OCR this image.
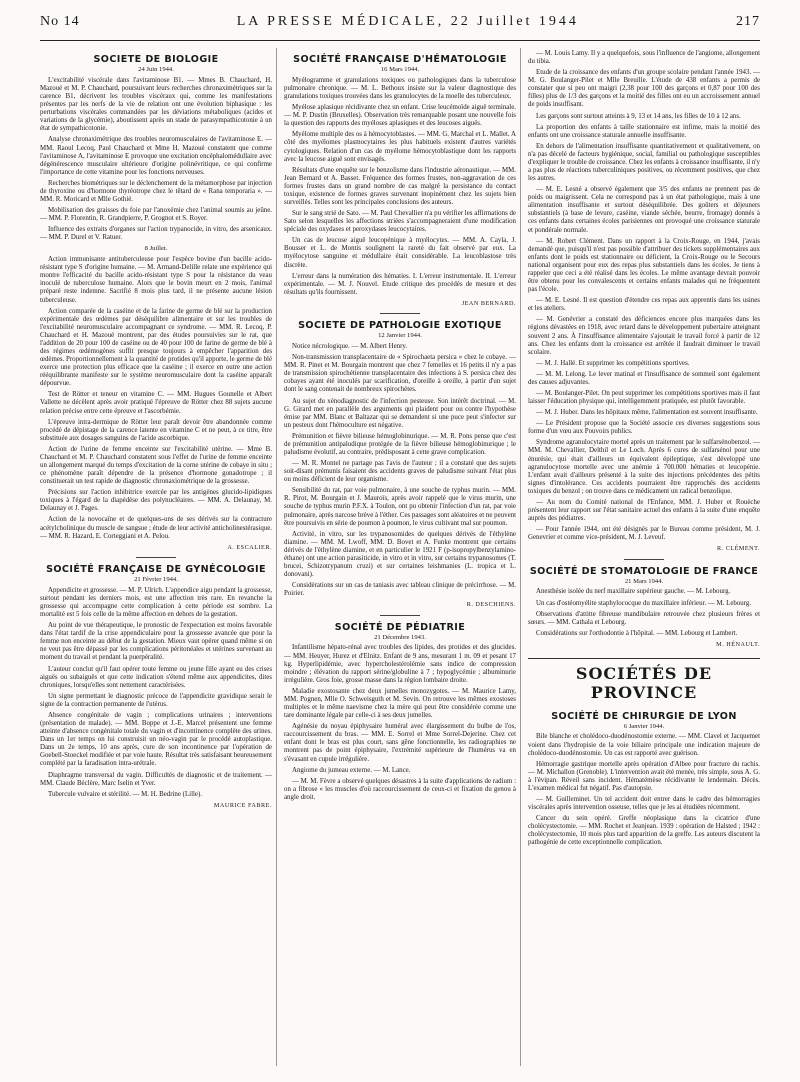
No 14	LA PRESSE MÉDICALE, 22 Juillet 1944	217
SOCIETE DE BIOLOGIE
24 Juin 1944.

L'excitabilité viscérale dans l'avitaminose B1. — Mmes B. Chauchard, H. Mazoué et M. P. Chauchard, poursuivant leurs recherches chronaximétriques sur la carence B1, décrivent les troubles viscéraux qui, comme les manifestations présentes par les nerfs de la vie de relation ont une évolution biphasique : les perturbations viscérales commandées par les déviations métaboliques (acides et variations de la glycémie), aboutissent après un stade de parasympathicotonie à un état de sympathicotonie.

Analyse chronaximétrique des troubles neuromusculaires de l'avitaminose E. — MM. Raoul Lecoq, Paul Chauchard et Mme H. Mazoué constatent que comme l'avitaminose A, l'avitaminose E provoque une excitation encéphalomédullaire avec dégénérescence musculaire ultérieure d'origine polinévritique, ce qui confirme l'importance de cette vitamine pour les fonctions nerveuses.

Recherches biométriques sur le déclenchement de la métamorphose par injection de thyroxine ou d'hormone thyréotrope chez le têtard de « Rana temporaria ». — MM. R. Moricard et Mlle Gothié.

Mobilisation des graisses du foie par l'anoxémie chez l'animal soumis au jeûne. — MM. P. Florentin, R. Grandpierre, P. Grognot et S. Royer.

Influence des extraits d'organes sur l'action trypanocide, in vitro, des arsenicaux. — MM. P. Durel et V. Ratuer.

8 Juillet.

Action immunisante antituberculeuse pour l'espèce bovine d'un bacille acido-résistant type S d'origine humaine. — M. Armand-Delille relate une expérience qui montre l'efficacité du bacille acido-résistant type S pour la résistance du veau inoculé de tuberculose humaine. Alors que le bovin meurt en 2 mois, l'animal préparé reste indemne. Sacrifié 8 mois plus tard, il ne présente aucune lésion tuberculeuse.

Action comparée de la caséine et de la farine de germe de blé sur la production expérimentale des œdèmes par déséquilibre alimentaire et sur les troubles de l'excitabilité neuromusculaire accompagnant ce syndrome. — MM. R. Lecoq, P. Chauchard et H. Mazoué montrent, par des études poursuivies sur le rat, que l'addition de 20 pour 100 de caséine ou de 40 pour 100 de farine de germe de blé à des régimes œdémogènes suffit presque toujours à empêcher l'apparition des œdèmes. Proportionnellement à la quantité de protides qu'il apporte, le germe de blé exerce une protection plus efficace que la caséine ; il exerce en outre une action rééquilibrante manifeste sur le système neuromusculaire dont la caséine apparaît dépourvue.

Test de Rötter et teneur en vitamine C. — MM. Hugues Gounelle et Albert Vallette ne décèlent après avoir pratiqué l'épreuve de Rötter chez 88 sujets aucune relation précise entre cette épreuve et l'ascorbémie.

L'épreuve intra-dermique de Rötter leur paraît devoir être abandonnée comme procédé de dépistage de la carence latente en vitamine C et ne peut, à ce titre, être substituée aux dosages sanguins de l'acide ascorbique.

Action de l'urine de femme enceinte sur l'excitabilité utérine. — Mme B. Chauchard et M. P. Chauchard constatent sous l'effet de l'urine de femme enceinte un allongement marqué du temps d'excitation de la corne utérine de cobaye in situ ; ce phénomène paraît dépendre de la présence d'hormone gonadotrope ; il constituerait un test rapide de diagnostic chronaxiométrique de la grossesse.

Précisions sur l'action inhibitrice exercée par les antigènes glucido-lipidiques toxiques à l'égard de la diapédèse des polynucléaires. — MM. A. Delaunay, M. Delaunay et J. Pages.

Action de la novocaïne et de quelques-uns de ses dérivés sur la contracture acétylcholinique du muscle de sangsue ; étude de leur activité anticholinestérasique. — MM. R. Hazard, E. Corteggiani et A. Pelou.

A. ESCALIER.
SOCIÉTÉ FRANÇAISE DE GYNÉCOLOGIE
21 Février 1944.

Appendicite et grossesse. — M. P. Ulrich. L'appendice aigu pendant la grossesse, surtout pendant les derniers mois, est une affection très rare. En revanche la grossesse qui accompagne cette complication à cette période est sombre. La mortalité est 5 fois celle de la même affection en dehors de la gestation.

Au point de vue thérapeutique, le pronostic de l'expectation est moins favorable dans l'état tardif de la crise appendiculaire pour la grossesse avancée que pour la femme non enceinte au début de la gestation. Mieux vaut opérer quand même si on ne veut pas être dépassé par les complications péritonéales et utérines survenant au moment du travail et pendant la puerpéralité.

L'auteur conclut qu'il faut opérer toute femme ou jeune fille ayant eu des crises aiguës ou subaiguës et que cette indication s'étend même aux appendicites, dites chroniques, lorsqu'elles sont nettement caractérisées.

Un signe permettant le diagnostic précoce de l'appendicite gravidique serait le signe de la contraction permanente de l'utérus.

Absence congénitale de vagin ; complications urinaires ; interventions (présentation de malade). — MM. Boppe et J.-E. Marcel présentent une femme atteinte d'absence congénitale totale du vagin et d'incontinence complète des urines. Dans un 1er temps on lui construisit un néo-vagin par le procédé autoplastique. Dans un 2e temps, 10 ans après, cure de son incontinence par l'opération de Goebell-Stoeckel modifiée et par voie haute. Résultat très satisfaisant heureusement complété par la faradisation intra-urétrale.

Diaphragme transversal du vagin. Difficultés de diagnostic et de traitement. — MM. Claude Béclère, Marc Iselin et Yver.

Tubercule vulvaire et stérilité. — M. H. Bedrine (Lille).

MAURICE FABRE.
SOCIÉTÉ FRANÇAISE D'HÉMATOLOGIE
16 Mars 1944.

Myélogramme et granulations toxiques ou pathologiques dans la tuberculose pulmonaire chronique. — M. L. Bethoux insiste sur la valeur diagnostique des granulations toxiques trouvées dans les granulocytes de la moelle des tuberculeux.

Myélose aplasique récidivante chez un enfant. Crise leucémoïde aiguë terminale. — M. P. Dustin (Bruxelles). Observation très remarquable posant une nouvelle fois la question des rapports des myéloses aplasiques et des leucoses aiguës.

Myélome multiple des os à hémocytoblastes. — MM. G. Marchal et L. Mallet. A côté des myélomes plasmocytaires les plus habituels existent d'autres variétés cytologiques. Relation d'un cas de myélome hémocytoblastique dont les rapports avec la leucose aiguë sont envisagés.

Résultats d'une enquête sur le benzolisme dans l'industrie aéronautique. — MM. Jean Bernard et A. Basset. Fréquence des formes frustes, non-aggravation de ces formes frustes dans un grand nombre de cas malgré la persistance du contact toxique, existence de formes graves survenant inopinément chez les sujets bien surveillés. Telles sont les principales conclusions des auteurs.

Sur le sang strié de Sato. — M. Paul Chevallier n'a pu vérifier les affirmations de Sato selon lesquelles les affections striées s'accompagneraient d'une modification spéciale des oxydases et peroxydases leucocytaires.

Un cas de leucose aiguë leucopénique à myélocytes. — MM. A. Cayla, J. Bousser et L. de Montis soulignent la rareté du fait observé par eux. La myélocytose sanguine et médullaire était considérable. La leucoblastose très discrète.

L'erreur dans la numération des hématies. I. L'erreur instrumentale. II. L'erreur expérimentale. — M. J. Nouvel. Etude critique des procédés de mesure et des résultats qu'ils fournissent.

JEAN BERNARD.
SOCIETE DE PATHOLOGIE EXOTIQUE
12 Janvier 1944.

Notice nécrologique. — M. Albert Henry.

Non-transmission transplacentaire de « Spirochaeta persica » chez le cobaye. — MM. R. Pinet et M. Bourgain montrent que chez 7 femelles et 16 petits il n'y a pas de transmission spirochétienne transplacentaire des infections à S. persica chez des cobayes ayant été inoculés par scarification, d'oreille à oreille, à partir d'un sujet dont le sang contenait de nombreux spirochètes.

Au sujet du xénodiagnostic de l'infection pesteuse. Son intérêt doctrinal. — M. G. Girard met en parallèle des arguments qui plaident pour ou contre l'hypothèse émise par MM. Blanc et Baltazar qui se demandent si une puce peut s'infecter sur un pesteux dont l'hémoculture est négative.

Prémunition et fièvre bilieuse hémoglobinurique. — M. R. Pons pense que c'est de prémunition antipaludique protégée de la fièvre bilieuse hémoglobinurique ; le paludisme évolutif, au contraire, prédisposant à cette grave complication.

— M. R. Montel ne partage pas l'avis de l'auteur ; il a constaté que des sujets soit-disant prémunis faisaient des accidents graves de paludisme suivant l'état plus ou moins déficient de leur organisme.

Sensibilité du rat, par voie pulmonaire, à une souche de typhus murin. — MM. R. Pirot, M. Bourgain et J. Mauroïs, après avoir rappelé que le virus murin, une souche de typhus murin P.F.X. à Toulon, ont pu obtenir l'infection d'un rat, par voie pulmonaire, après narcose brève à l'éther. Ces passages sont aléatoires et ne peuvent être poursuivis en série de poumon à poumon, le virus cultivant mal sur poumon.

Activité, in vitro, sur les trypanosomides de quelques dérivés de l'éthylène diamine. — MM. M. Lwoff, MM. D. Bovet et A. Funke montrent que certains dérivés de l'éthylène diamine, et en particulier le 1921 F (p-isopropylbenzylamino-éthane) ont une action parasiticide, in vitro et in vitro, sur certains trypanosomes (T. brucei, Schizotrypanum cruzi) et sur certaines leishmanies (L. tropica et L. donovani).

Considérations sur un cas de taniasis avec tableau clinique de précirrhose. — M. Poirier.

R. DESCHIENS.
SOCIÉTÉ DE PÉDIATRIE
21 Décembre 1943.

Infantilisme hépato-rénal avec troubles des lipides, des protides et des glucides. — MM. Heuyer, Hurez et d'Elnitz. Enfant de 9 ans, mesurant 1 m. 09 et pesant 17 kg. Hyperlipidémie, avec hypercholestérolémie sans indice de compression moindre ; élévation du rapport sérine/globuline à 7 ; hypoglycémie ; albuminurie irrégulière. Gros foie, grosse masse dans la région lombaire droite.

Maladie exostosante chez deux jumelles monozygotes. — M. Maurice Lamy, MM. Pognen, Mlle O. Schweisguth et M. Sevin. On retrouve les mêmes exostoses multiples et le même naevisme chez la mère qui peut être considérée comme une tare dominante légale par celle-ci à ses deux jumelles.

Agénésie du noyau épiphysaire huméral avec élargissement du bulbe de l'os, raccourcissement du bras. — MM. E. Sorrel et Mme Sorrel-Dejerine. Chez cet enfant dont le bras est plus court, sans gêne fonctionnelle, les radiographies ne montrent pas de point épiphysaire, l'extrémité supérieure de l'humérus va en s'évasant en cupule irrégulière.

Angiome du jumeau externe. — M. Lance.

— M. M. Fèvre a observé quelques désastres à la suite d'applications de radium : on a fibrose « les muscles d'où raccourcissement de ceux-ci et fixation du genou à angle droit.

— M. Louis Lamy. Il y a quelquefois, sous l'influence de l'angiome, allongement du tibia.

Etude de la croissance des enfants d'un groupe scolaire pendant l'année 1943. — M. G. Boulanger-Pilet et Mlle Breuille. L'étude de 438 enfants a permis de constater que si peu ont maigri (2,38 pour 100 des garçons et 0,87 pour 100 des filles) plus de 1/3 des garçons et la moitié des filles ont eu un accroissement annuel de poids insuffisant.

Les garçons sont surtout atteints à 9, 13 et 14 ans, les filles de 10 à 12 ans.

La proportion des enfants à taille stationnaire est infime, mais la moitié des enfants ont une croissance staturale annuelle insuffisante.

En dehors de l'alimentation insuffisante quantitativement et qualitativement, on n'a pas décelé de facteurs hygiénique, social, familial ou pathologique susceptibles d'expliquer le trouble de croissance. Chez les enfants à croissance insuffisante, il n'y a pas plus de réactions tuberculiniques positives, ou récemment positives, que chez les autres.

— M. E. Lesné a observé également que 3/5 des enfants ne prennent pas de poids ou maigrissent. Cela ne correspond pas à un état pathologique, mais à une alimentation insuffisante et surtout déséquilibrée. Des goûters et déjeuners substantiels (à base de levure, caséine, viande séchée, beurre, fromage) donnés à ces enfants dans certaines écoles parisiennes ont provoqué une croissance staturale et pondérale normale.

— M. Robert Clément. Dans un rapport à la Croix-Rouge, en 1944, j'avais demandé que, puisqu'il n'est pas possible d'attribuer des tickets supplémentaires aux enfants dont le poids est stationnaire ou déficient, la Croix-Rouge ou le Secours national organisent pour eux des repas plus substantiels dans les écoles. Je tiens à rappeler que ceci a été réalisé dans les écoles. Le même avantage devrait pouvoir être obtenu pour les convalescents et certains enfants malades qui ne fréquentent pas l'école.

— M. E. Lesné. Il est question d'étendre ces repas aux apprentis dans les usines et les ateliers.

— M. Genévrier a constaté des déficiences encore plus marquées dans les régions dévastées en 1918, avec retard dans le développement pubertaire atteignant souvent 2 ans. À l'insuffisance alimentaire s'ajoutait le travail forcé à partir de 12 ans. Chez les enfants dont la croissance est arrêtée il faudrait diminuer le travail scolaire.

— M. J. Hallé. Et supprimer les compétitions sportives.

— M. M. Lelong. Le lever matinal et l'insuffisance de sommeil sont également des causes adjuvantes.

— M. Boulanger-Pilet. On peut supprimer les compétitions sportives mais il faut laisser l'éducation physique qui, intelligemment pratiquée, est plutôt favorable.

— M. J. Huber. Dans les hôpitaux même, l'alimentation est souvent insuffisante.

— Le Président propose que la Société associe ces diverses suggestions sous forme d'un vœu aux Pouvoirs publics.

Syndrome agranulocytaire mortel après un traitement par le sulfarsénobenzol. — MM. M. Chevallier, Delthil et Le Loch. Après 6 cures de sulfarsénol pour une énurésie, qui était d'ailleurs un équivalent épileptique, s'est développé une agranulocytose mortelle avec une anémie à 700.000 hématies et leucopénie. L'enfant avait d'ailleurs présenté à la suite des injections précédentes des pétits signes d'intolérance. Ces accidents pourraient être rapprochés des accidents toxiques du benzol ; on trouve dans ce médicament un radical benzolique.

— Au nom du Comité national de l'Enfance, MM. J. Huber et Rouèche présentent leur rapport sur l'état sanitaire actuel des enfants à la suite d'une enquête auprès des pédiatres.

— Pour l'année 1944, ont été désignés par le Bureau comme président, M. J. Genevrier et comme vice-président, M. J. Leveuf.

R. CLÉMENT.
SOCIÉTÉ DE STOMATOLOGIE DE FRANCE
21 Mars 1944.

Anesthésie isolée du nerf maxillaire supérieur gauche. — M. Lebourg.

Un cas d'ostéomyélite staphylococque du maxillaire inférieur. — M. Lebourg.

Observations d'attitte fibreuse mandibulaire retrouvée chez plusieurs frères et sœurs. — MM. Cathala et Lebourg.

Considérations sur l'orthodontie à l'hôpital. — MM. Lebourg et Lambert.

M. HÉNAULT.
SOCIÉTÉS DE PROVINCE
SOCIÉTÉ DE CHIRURGIE DE LYON
6 Janvier 1944.

Bile blanche et cholédoco-duodénostomie externe. — MM. Clavel et Jacquemet voient dans l'hydropisie de la voie biliaire principale une indication majeure de cholédoco-duodénostomie. Un cas est rapporté avec guérison.

Hémorragie gastrique mortelle après opération d'Albee pour fracture du rachis. — M. Michallon (Grenoble). L'intervention avait été menée, très simple, sous A. G. à l'évipan. Réveil sans incident. Hématémèse récidivante le lendemain. Décès. L'examen médical fut négatif. Pas d'autopsie.

— M. Guilleminet. Un tel accident doit entrer dans le cadre des hémorragies viscérales après intervention osseuse, telles que je les ai étudiées récemment.

Cancer du sein opéré. Greffe néoplasique dans la cicatrice d'une cholécystectomie. — MM. Rochet et Jeanjean. 1939 : opération de Halsted ; 1942 : cholécystectomie, 10 mois plus tard apparition de la greffe. Les auteurs discutent la pathogénie de cette exceptionnelle complication.
